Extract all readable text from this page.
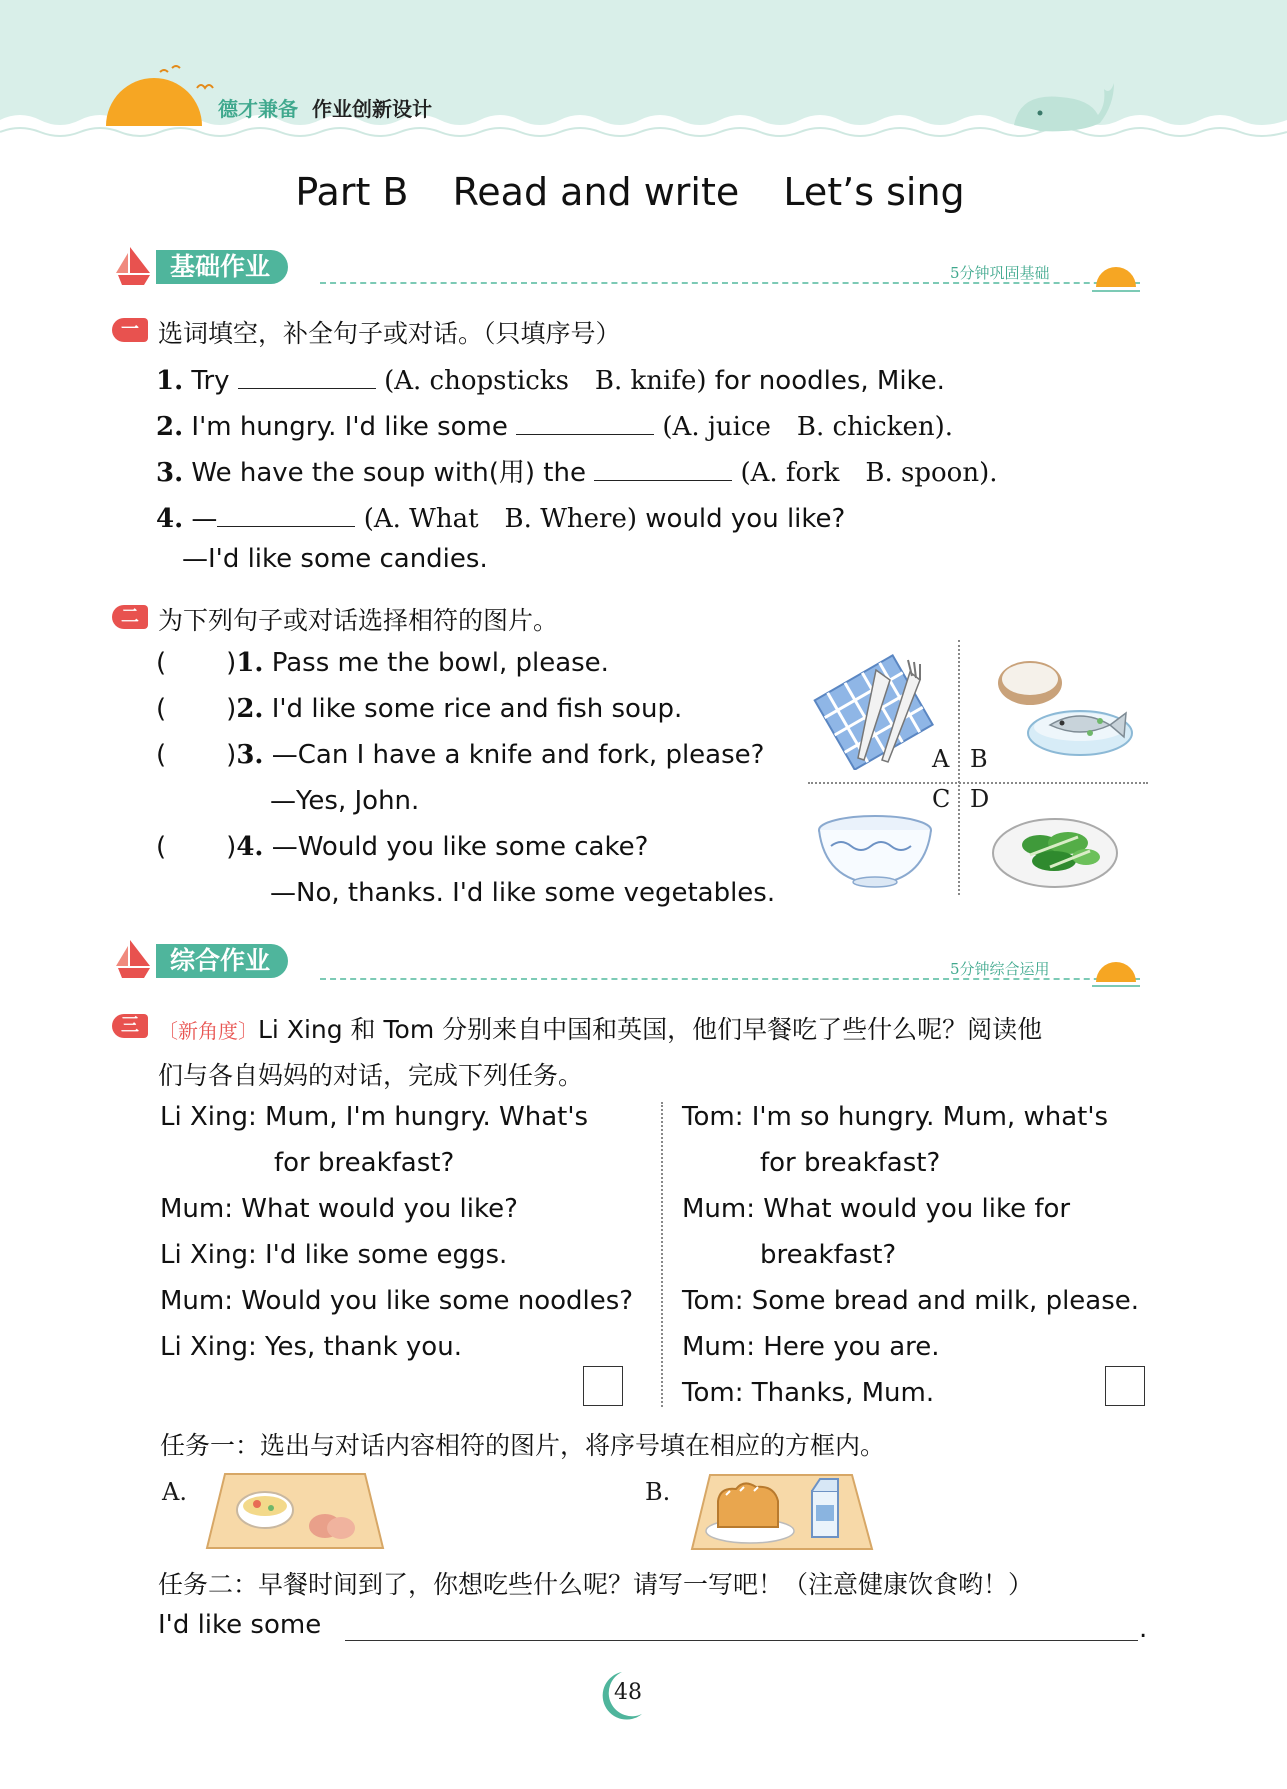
德才兼备 作业创新设计
Part B Read and write Let’s sing
基础作业	5分钟巩固基础
一 选词填空，补全句子或对话。（只填序号）
1. Try	(A. chopsticks　B. knife) for noodles, Mike.
2. I'm hungry. I'd like some	(A. juice　B. chicken).
3. We have the soup with(用) the	(A. fork　B. spoon).
4. —	(A. What　B. Where) would you like?
—I'd like some candies.
二 为下列句子或对话选择相符的图片。
( )1. Pass me the bowl, please.
( )2. I'd like some rice and fish soup.
( )3. —Can I have a knife and fork, please?
—Yes, John.
( )4. —Would you like some cake?
—No, thanks. I'd like some vegetables.
A B
C D
综合作业	5分钟综合运用
三 〔新角度〕Li Xing 和 Tom 分别来自中国和英国，他们早餐吃了些什么呢？阅读他
们与各自妈妈的对话，完成下列任务。
Li Xing: Mum, I'm hungry. What's
for breakfast?
Mum: What would you like?
Li Xing: I'd like some eggs.
Mum: Would you like some noodles?
Li Xing: Yes, thank you.
Tom: I'm so hungry. Mum, what's
for breakfast?
Mum: What would you like for
breakfast?
Tom: Some bread and milk, please.
Mum: Here you are.
Tom: Thanks, Mum.
任务一：选出与对话内容相符的图片，将序号填在相应的方框内。
A.	B.
任务二：早餐时间到了，你想吃些什么呢？请写一写吧！（注意健康饮食哟！）
I'd like some	.
48
